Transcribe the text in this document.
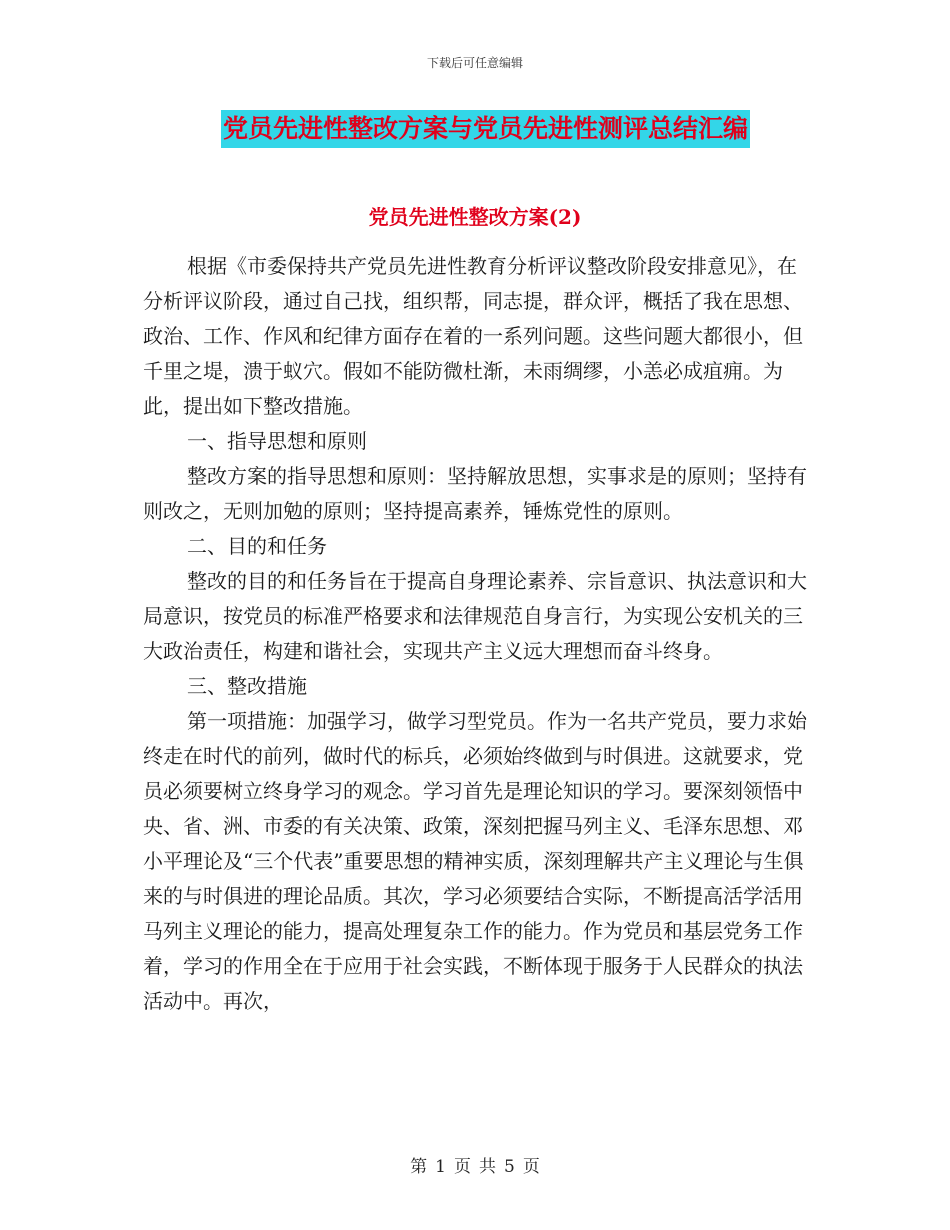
下载后可任意编辑
党员先进性整改方案与党员先进性测评总结汇编
党员先进性整改方案(2)

根据《市委保持共产党员先进性教育分析评议整改阶段安排意见》，在分析评议阶段，通过自己找，组织帮，同志提，群众评，概括了我在思想、政治、工作、作风和纪律方面存在着的一系列问题。这些问题大都很小，但千里之堤，溃于蚁穴。假如不能防微杜渐，未雨绸缪，小恙必成疽痈。为此，提出如下整改措施。

一、指导思想和原则

整改方案的指导思想和原则：坚持解放思想，实事求是的原则；坚持有则改之，无则加勉的原则；坚持提高素养，锤炼党性的原则。

二、目的和任务

整改的目的和任务旨在于提高自身理论素养、宗旨意识、执法意识和大局意识，按党员的标准严格要求和法律规范自身言行，为实现公安机关的三大政治责任，构建和谐社会，实现共产主义远大理想而奋斗终身。

三、整改措施

第一项措施：加强学习，做学习型党员。作为一名共产党员，要力求始终走在时代的前列，做时代的标兵，必须始终做到与时俱进。这就要求，党员必须要树立终身学习的观念。学习首先是理论知识的学习。要深刻领悟中央、省、洲、市委的有关决策、政策，深刻把握马列主义、毛泽东思想、邓小平理论及“三个代表”重要思想的精神实质，深刻理解共产主义理论与生俱来的与时俱进的理论品质。其次，学习必须要结合实际，不断提高活学活用马列主义理论的能力，提高处理复杂工作的能力。作为党员和基层党务工作着，学习的作用全在于应用于社会实践，不断体现于服务于人民群众的执法活动中。再次，

第 1 页 共 5 页
